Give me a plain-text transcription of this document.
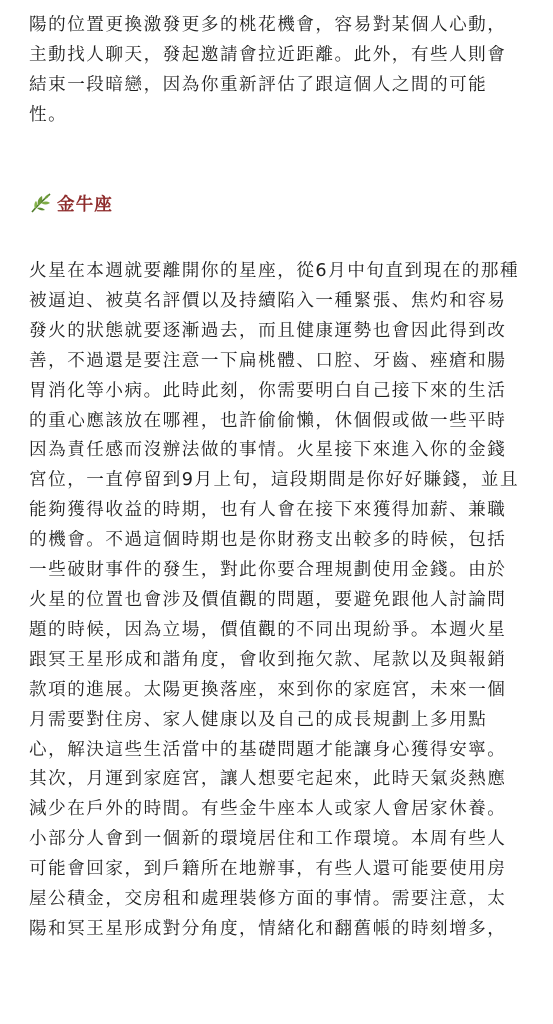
陽的位置更換激發更多的桃花機會，容易對某個人心動，
主動找人聊天，發起邀請會拉近距離。此外，有些人則會
結束一段暗戀，因為你重新評估了跟這個人之間的可能
性。
金牛座
火星在本週就要離開你的星座，從6月中旬直到現在的那種
被逼迫、被莫名評價以及持續陷入一種緊張、焦灼和容易
發火的狀態就要逐漸過去，而且健康運勢也會因此得到改
善，不過還是要注意一下扁桃體、口腔、牙齒、痤瘡和腸
胃消化等小病。此時此刻，你需要明白自己接下來的生活
的重心應該放在哪裡，也許偷偷懶，休個假或做一些平時
因為責任感而沒辦法做的事情。火星接下來進入你的金錢
宮位，一直停留到9月上旬，這段期間是你好好賺錢，並且
能夠獲得收益的時期，也有人會在接下來獲得加薪、兼職
的機會。不過這個時期也是你財務支出較多的時候，包括
一些破財事件的發生，對此你要合理規劃使用金錢。由於
火星的位置也會涉及價值觀的問題，要避免跟他人討論問
題的時候，因為立場，價值觀的不同出現紛爭。本週火星
跟冥王星形成和諧角度，會收到拖欠款、尾款以及與報銷
款項的進展。太陽更換落座，來到你的家庭宮，未來一個
月需要對住房、家人健康以及自己的成長規劃上多用點
心，解決這些生活當中的基礎問題才能讓身心獲得安寧。
其次，月運到家庭宮，讓人想要宅起來，此時天氣炎熱應
減少在戶外的時間。有些金牛座本人或家人會居家休養。
小部分人會到一個新的環境居住和工作環境。本周有些人
可能會回家，到戶籍所在地辦事，有些人還可能要使用房
屋公積金，交房租和處理裝修方面的事情。需要注意，太
陽和冥王星形成對分角度，情緒化和翻舊帳的時刻增多，
